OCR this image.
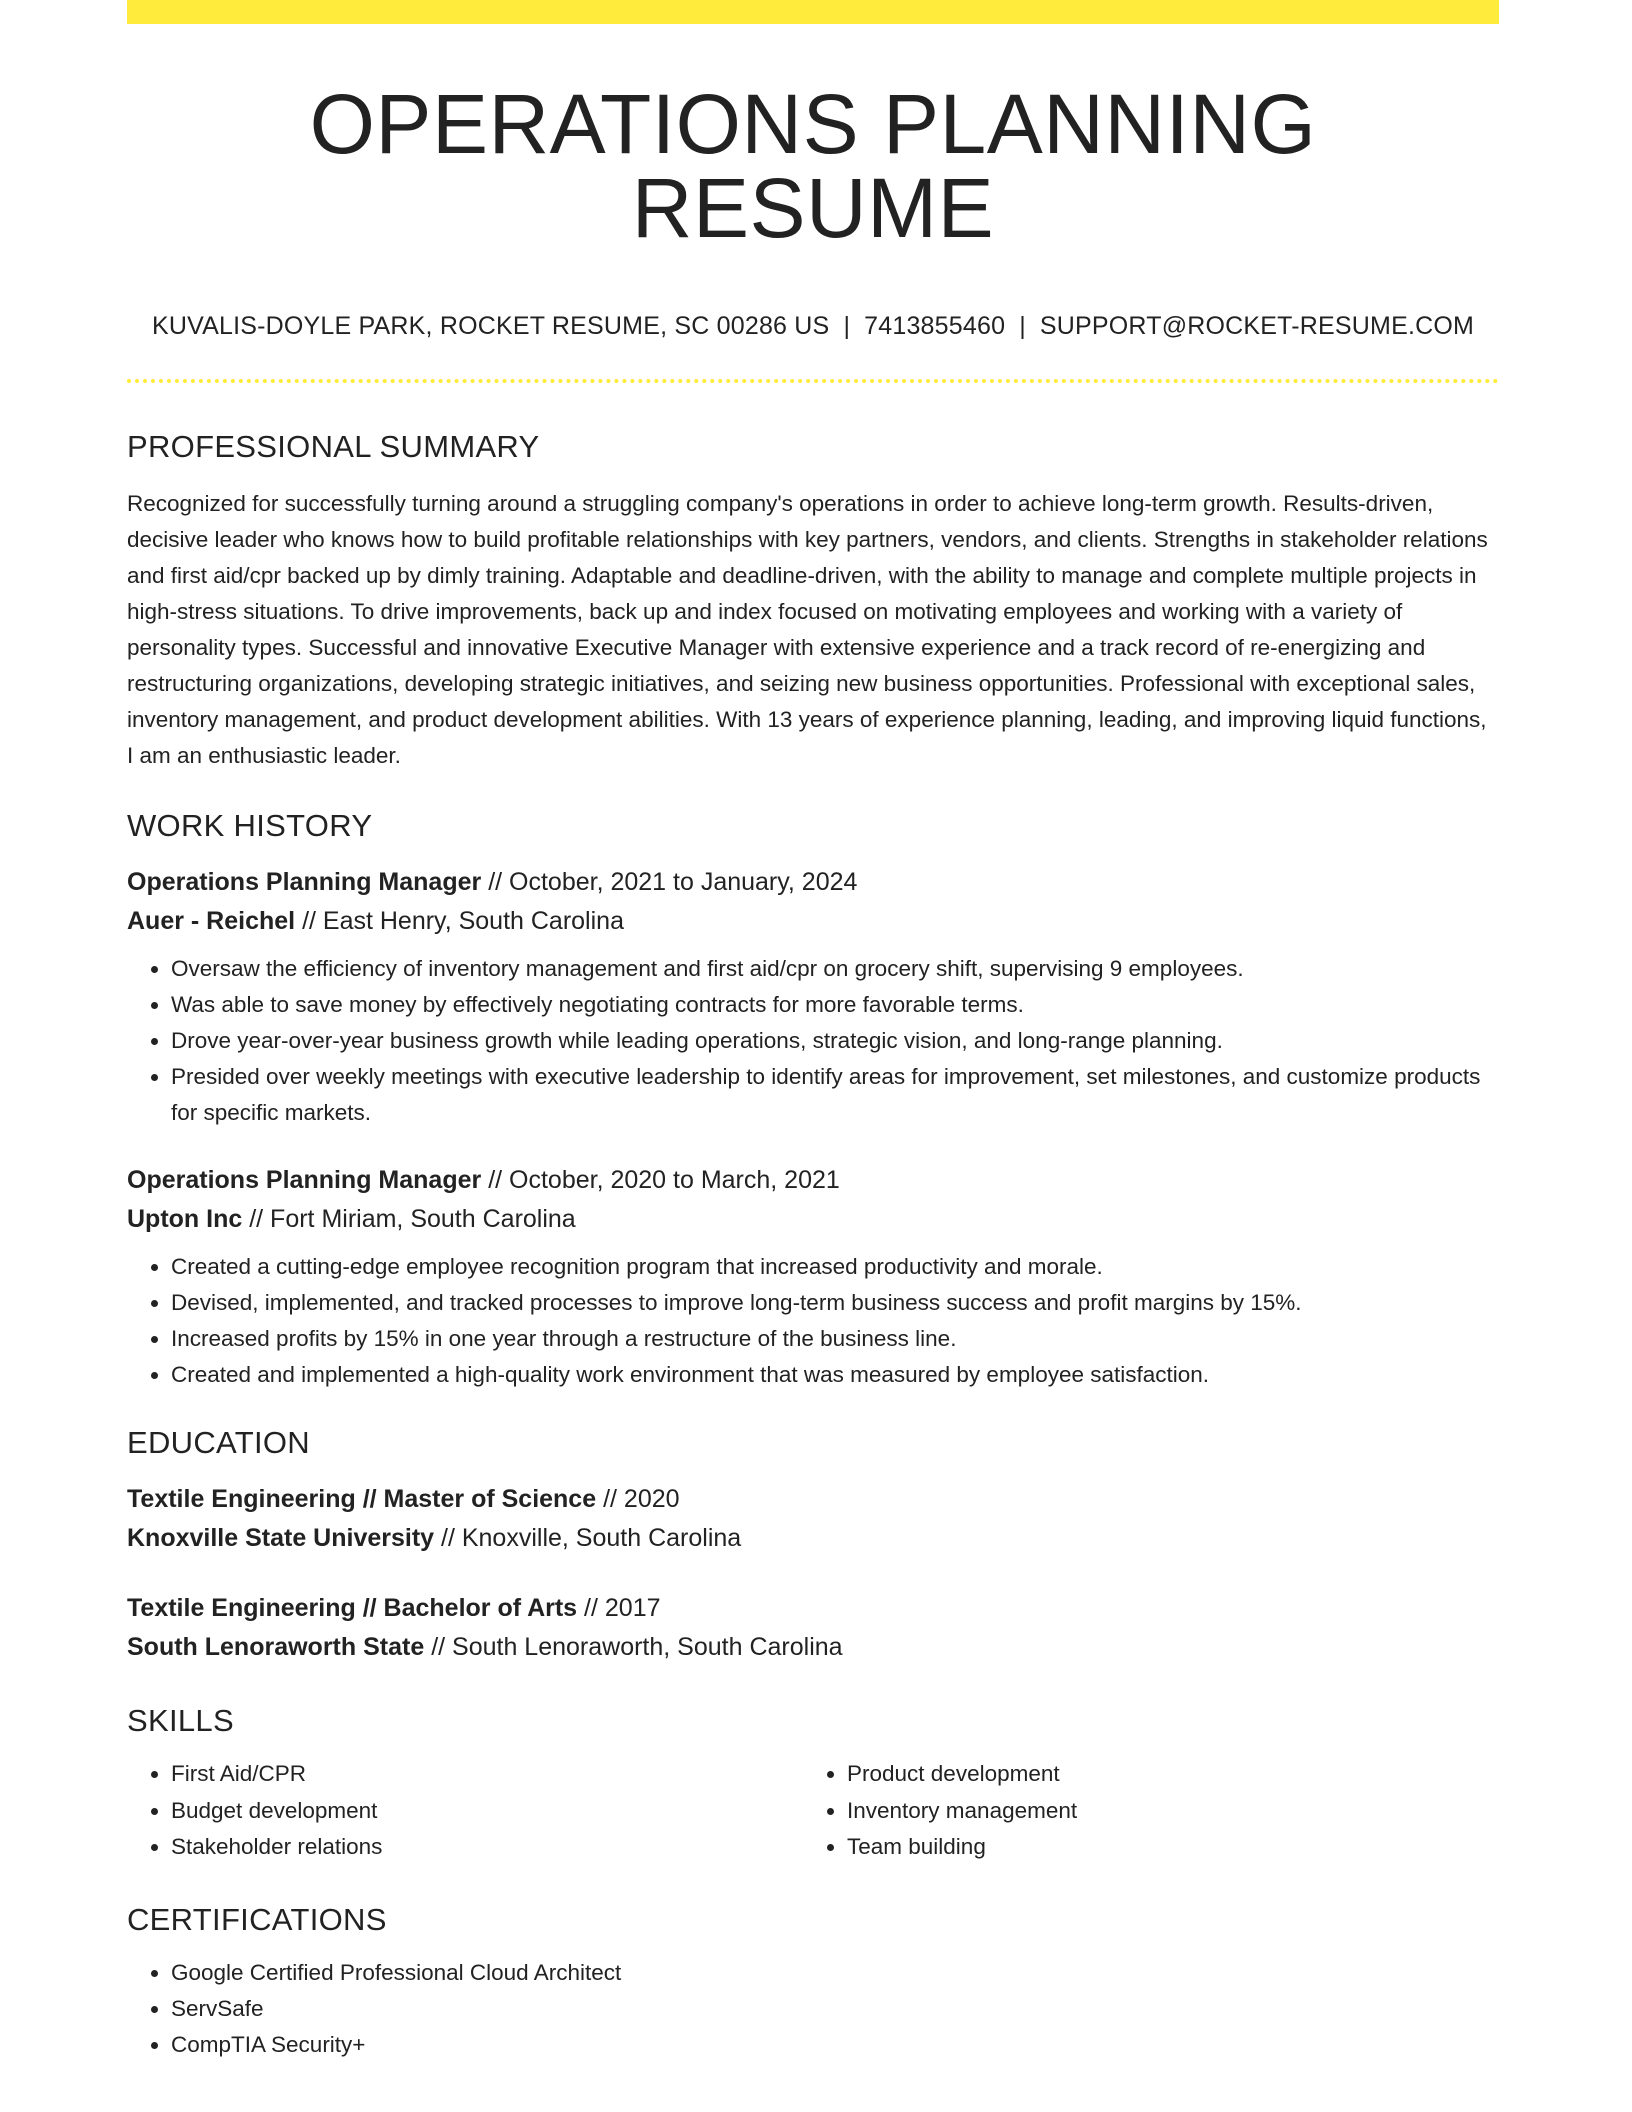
OPERATIONS PLANNING RESUME
KUVALIS-DOYLE PARK, ROCKET RESUME, SC 00286 US | 7413855460 | SUPPORT@ROCKET-RESUME.COM
PROFESSIONAL SUMMARY
Recognized for successfully turning around a struggling company's operations in order to achieve long-term growth. Results-driven, decisive leader who knows how to build profitable relationships with key partners, vendors, and clients. Strengths in stakeholder relations and first aid/cpr backed up by dimly training. Adaptable and deadline-driven, with the ability to manage and complete multiple projects in high-stress situations. To drive improvements, back up and index focused on motivating employees and working with a variety of personality types. Successful and innovative Executive Manager with extensive experience and a track record of re-energizing and restructuring organizations, developing strategic initiatives, and seizing new business opportunities. Professional with exceptional sales, inventory management, and product development abilities. With 13 years of experience planning, leading, and improving liquid functions, I am an enthusiastic leader.
WORK HISTORY
Operations Planning Manager // October, 2021 to January, 2024
Auer - Reichel // East Henry, South Carolina
• Oversaw the efficiency of inventory management and first aid/cpr on grocery shift, supervising 9 employees.
• Was able to save money by effectively negotiating contracts for more favorable terms.
• Drove year-over-year business growth while leading operations, strategic vision, and long-range planning.
• Presided over weekly meetings with executive leadership to identify areas for improvement, set milestones, and customize products for specific markets.
Operations Planning Manager // October, 2020 to March, 2021
Upton Inc // Fort Miriam, South Carolina
• Created a cutting-edge employee recognition program that increased productivity and morale.
• Devised, implemented, and tracked processes to improve long-term business success and profit margins by 15%.
• Increased profits by 15% in one year through a restructure of the business line.
• Created and implemented a high-quality work environment that was measured by employee satisfaction.
EDUCATION
Textile Engineering // Master of Science // 2020
Knoxville State University // Knoxville, South Carolina
Textile Engineering // Bachelor of Arts // 2017
South Lenoraworth State // South Lenoraworth, South Carolina
SKILLS
• First Aid/CPR
• Budget development
• Stakeholder relations
• Product development
• Inventory management
• Team building
CERTIFICATIONS
• Google Certified Professional Cloud Architect
• ServSafe
• CompTIA Security+
